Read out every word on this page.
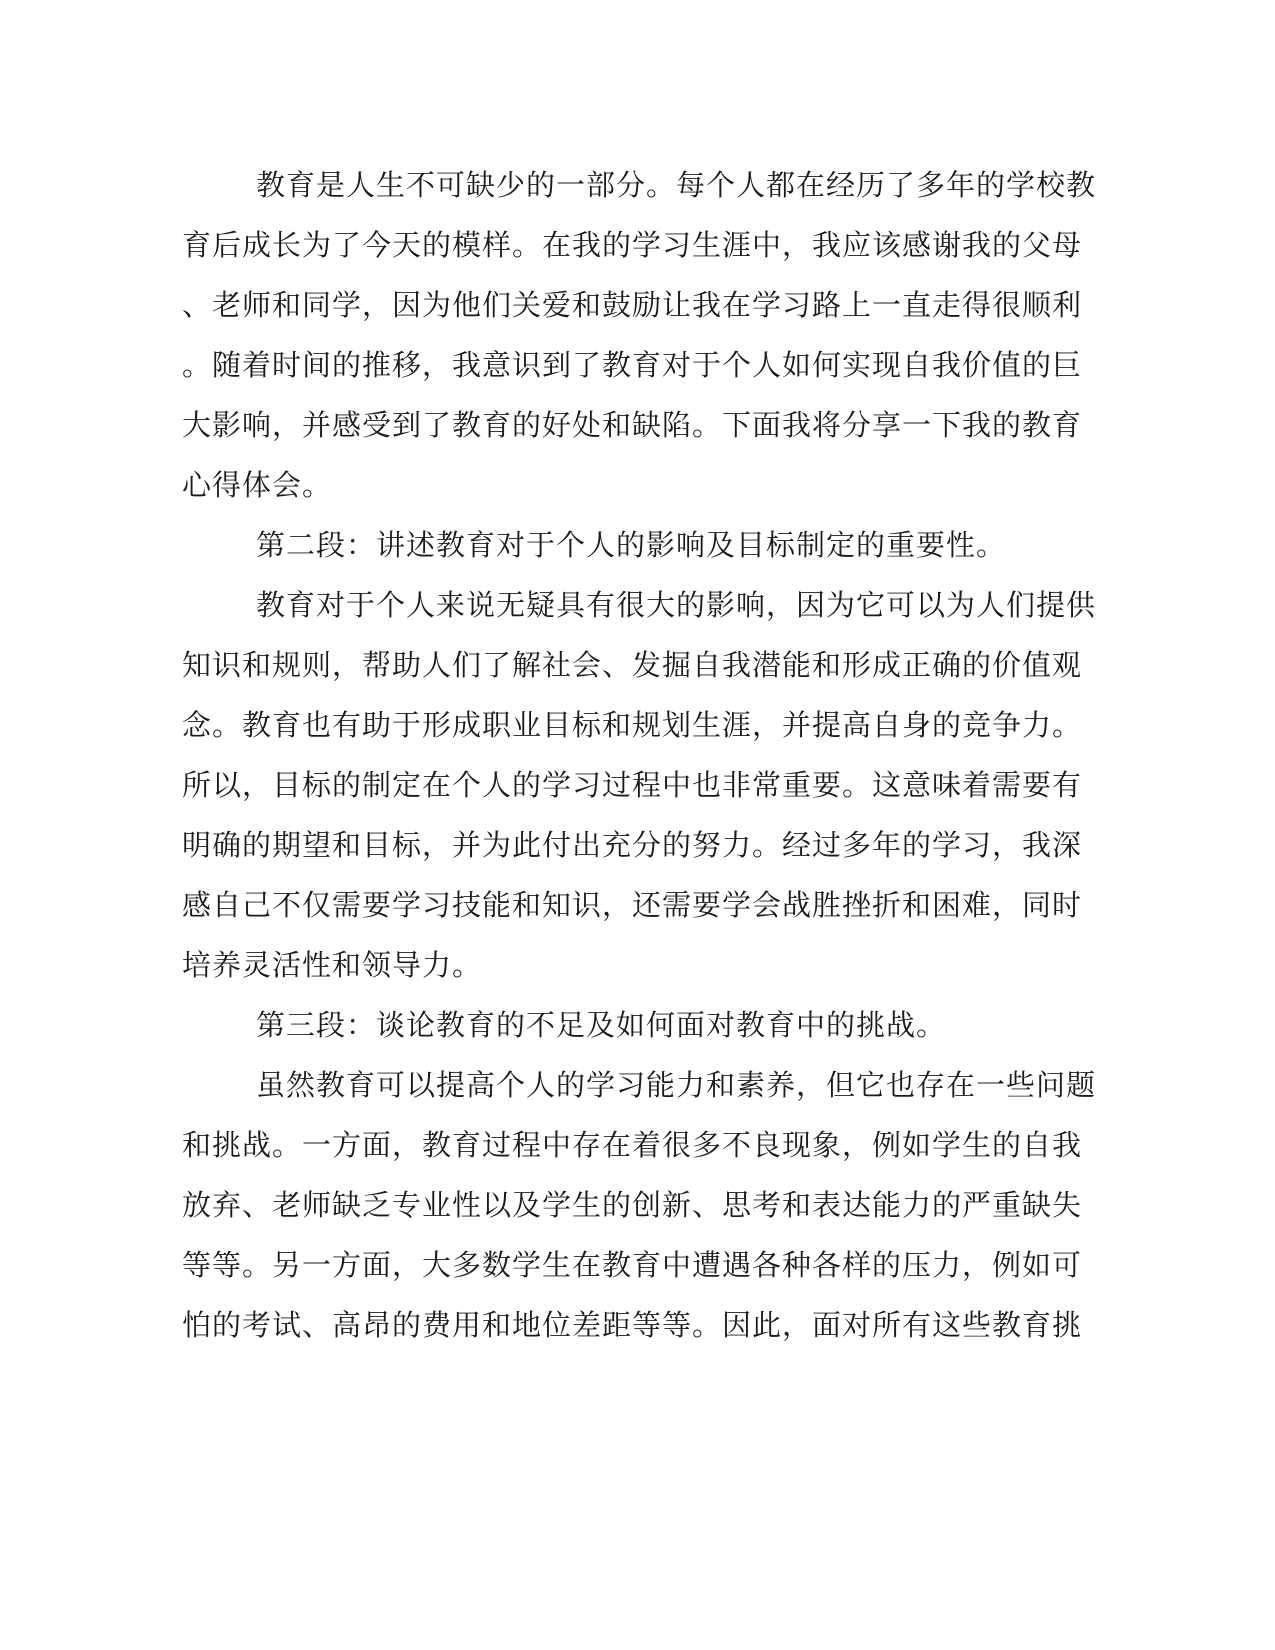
教育是人生不可缺少的一部分。每个人都在经历了多年的学校教
育后成长为了今天的模样。在我的学习生涯中，我应该感谢我的父母
、老师和同学，因为他们关爱和鼓励让我在学习路上一直走得很顺利
。随着时间的推移，我意识到了教育对于个人如何实现自我价值的巨
大影响，并感受到了教育的好处和缺陷。下面我将分享一下我的教育
心得体会。
第二段：讲述教育对于个人的影响及目标制定的重要性。
教育对于个人来说无疑具有很大的影响，因为它可以为人们提供
知识和规则，帮助人们了解社会、发掘自我潜能和形成正确的价值观
念。教育也有助于形成职业目标和规划生涯，并提高自身的竞争力。
所以，目标的制定在个人的学习过程中也非常重要。这意味着需要有
明确的期望和目标，并为此付出充分的努力。经过多年的学习，我深
感自己不仅需要学习技能和知识，还需要学会战胜挫折和困难，同时
培养灵活性和领导力。
第三段：谈论教育的不足及如何面对教育中的挑战。
虽然教育可以提高个人的学习能力和素养，但它也存在一些问题
和挑战。一方面，教育过程中存在着很多不良现象，例如学生的自我
放弃、老师缺乏专业性以及学生的创新、思考和表达能力的严重缺失
等等。另一方面，大多数学生在教育中遭遇各种各样的压力，例如可
怕的考试、高昂的费用和地位差距等等。因此，面对所有这些教育挑
